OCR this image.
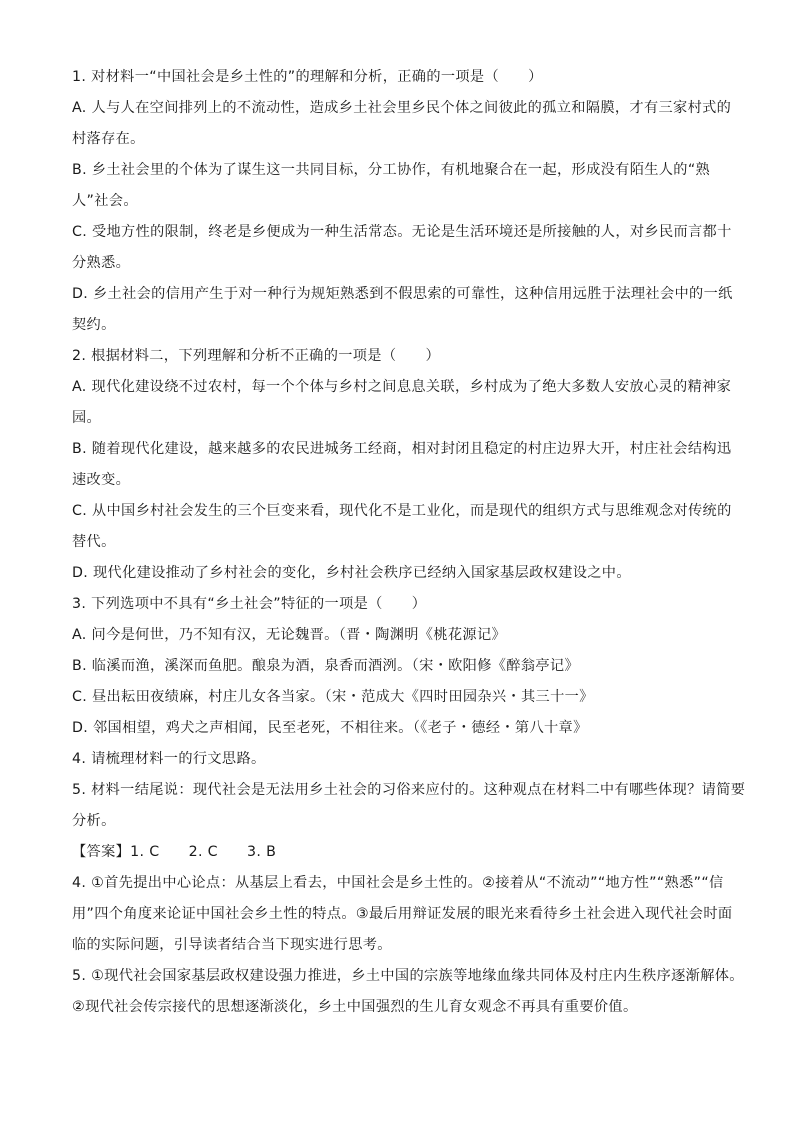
1. 对材料一“中国社会是乡土性的”的理解和分析，正确的一项是（　　）
A. 人与人在空间排列上的不流动性，造成乡土社会里乡民个体之间彼此的孤立和隔膜，才有三家村式的
村落存在。
B. 乡土社会里的个体为了谋生这一共同目标，分工协作，有机地聚合在一起，形成没有陌生人的“熟
人”社会。
C. 受地方性的限制，终老是乡便成为一种生活常态。无论是生活环境还是所接触的人，对乡民而言都十
分熟悉。
D. 乡土社会的信用产生于对一种行为规矩熟悉到不假思索的可靠性，这种信用远胜于法理社会中的一纸
契约。
2. 根据材料二，下列理解和分析不正确的一项是（　　）
A. 现代化建设绕不过农村，每一个个体与乡村之间息息关联，乡村成为了绝大多数人安放心灵的精神家
园。
B. 随着现代化建设，越来越多的农民进城务工经商，相对封闭且稳定的村庄边界大开，村庄社会结构迅
速改变。
C. 从中国乡村社会发生的三个巨变来看，现代化不是工业化，而是现代的组织方式与思维观念对传统的
替代。
D. 现代化建设推动了乡村社会的变化，乡村社会秩序已经纳入国家基层政权建设之中。
3. 下列选项中不具有“乡土社会”特征的一项是（　　）
A. 问今是何世，乃不知有汉，无论魏晋。（晋・陶渊明《桃花源记》
B. 临溪而渔，溪深而鱼肥。酿泉为酒，泉香而酒洌。（宋・欧阳修《醉翁亭记》
C. 昼出耘田夜绩麻，村庄儿女各当家。（宋・范成大《四时田园杂兴・其三十一》
D. 邻国相望，鸡犬之声相闻，民至老死，不相往来。（《老子・德经・第八十章》
4. 请梳理材料一的行文思路。
5. 材料一结尾说：现代社会是无法用乡土社会的习俗来应付的。这种观点在材料二中有哪些体现？请简要
分析。
【答案】1. C　　2. C　　3. B
4. ①首先提出中心论点：从基层上看去，中国社会是乡土性的。②接着从“不流动”“地方性”“熟悉”“信
用”四个角度来论证中国社会乡土性的特点。③最后用辩证发展的眼光来看待乡土社会进入现代社会时面
临的实际问题，引导读者结合当下现实进行思考。
5. ①现代社会国家基层政权建设强力推进，乡土中国的宗族等地缘血缘共同体及村庄内生秩序逐渐解体。
②现代社会传宗接代的思想逐渐淡化，乡土中国强烈的生儿育女观念不再具有重要价值。
